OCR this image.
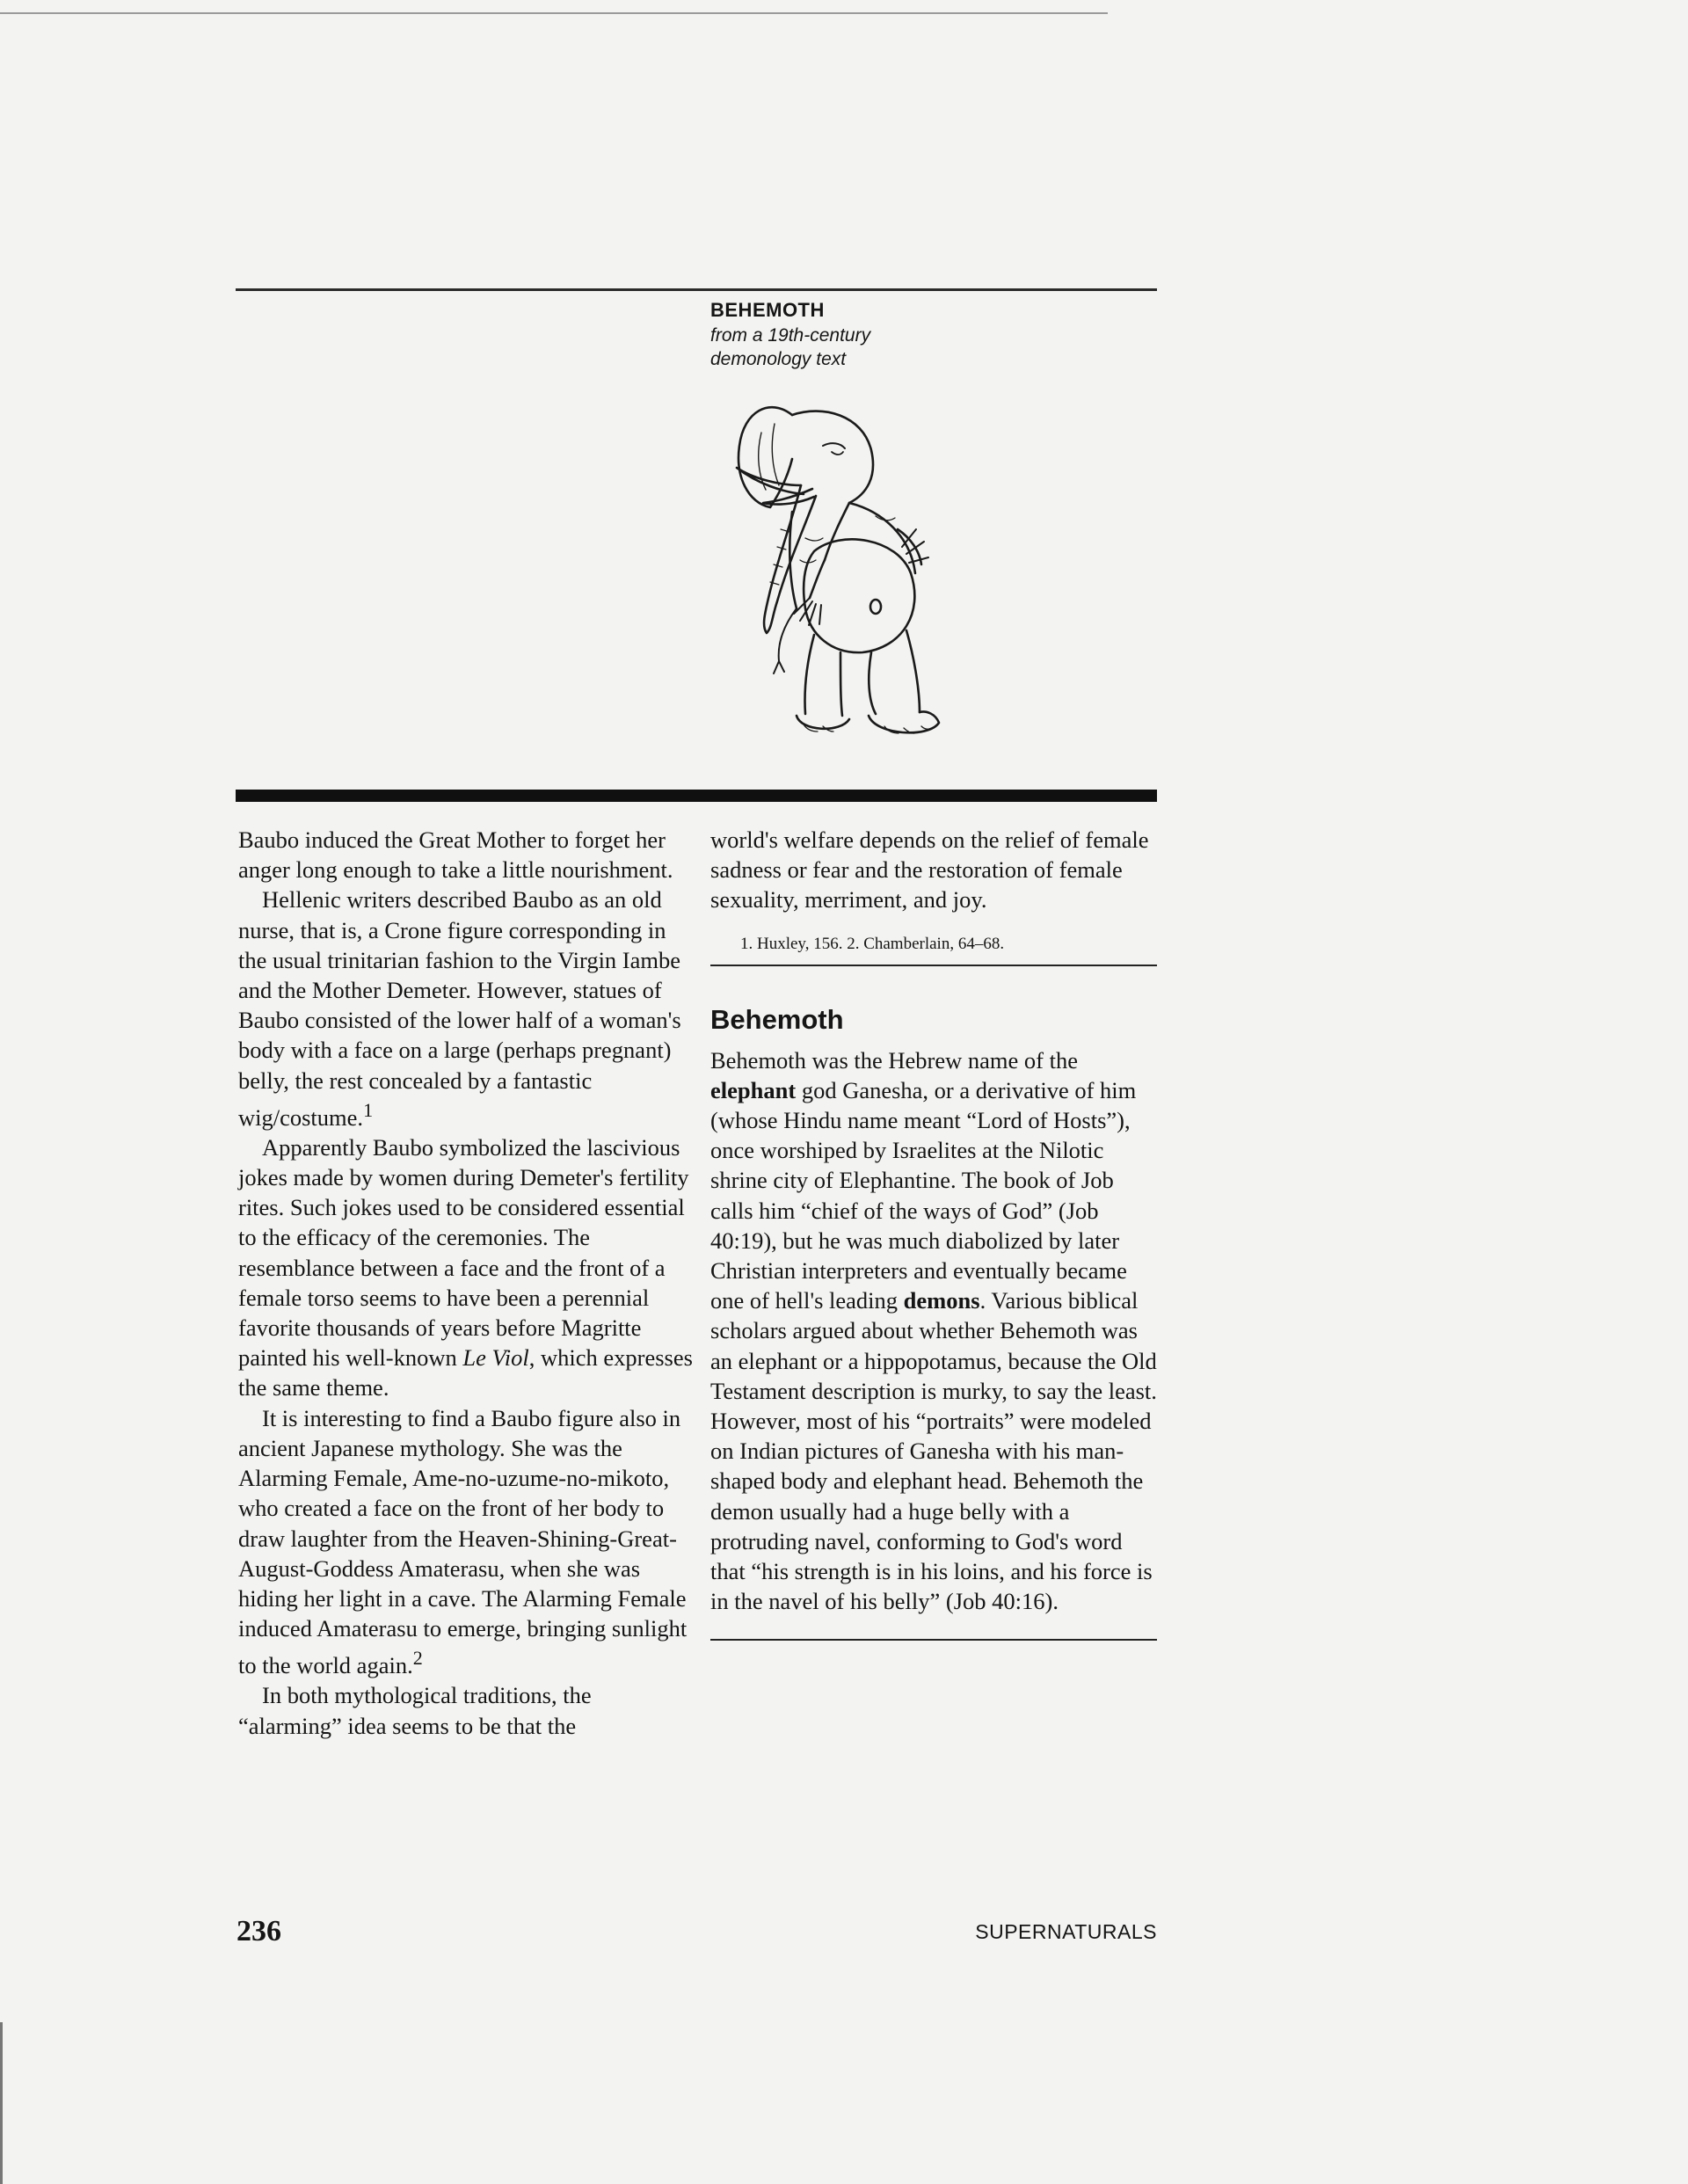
BEHEMOTH

from a 19th-century
demonology text

Baubo induced the Great Mother to forget her anger long enough to take a little nourishment.

Hellenic writers described Baubo as an old nurse, that is, a Crone figure corresponding in the usual trinitarian fashion to the Virgin Iambe and the Mother Demeter. However, statues of Baubo consisted of the lower half of a woman's body with a face on a large (perhaps pregnant) belly, the rest concealed by a fantastic wig/costume.$^1$

Apparently Baubo symbolized the lascivious jokes made by women during Demeter's fertility rites. Such jokes used to be considered essential to the efficacy of the ceremonies. The resemblance between a face and the front of a female torso seems to have been a perennial favorite thousands of years before Magritte painted his well-known Le Viol, which expresses the same theme.

It is interesting to find a Baubo figure also in ancient Japanese mythology. She was the Alarming Female, Ame-no-uzume-no-mikoto, who created a face on the front of her body to draw laughter from the Heaven-Shining-Great-August-Goddess Amaterasu, when she was hiding her light in a cave. The Alarming Female induced Amaterasu to emerge, bringing sunlight to the world again.$^2$

In both mythological traditions, the “alarming” idea seems to be that the

world's welfare depends on the relief of female sadness or fear and the restoration of female sexuality, merriment, and joy.

1. Huxley, 156. 2. Chamberlain, 64–68.

Behemoth

Behemoth was the Hebrew name of the elephant god Ganesha, or a derivative of him (whose Hindu name meant “Lord of Hosts”), once worshiped by Israelites at the Nilotic shrine city of Elephantine. The book of Job calls him “chief of the ways of God” (Job 40:19), but he was much diabolized by later Christian interpreters and eventually became one of hell's leading demons. Various biblical scholars argued about whether Behemoth was an elephant or a hippopotamus, because the Old Testament description is murky, to say the least. However, most of his “portraits” were modeled on Indian pictures of Ganesha with his man-shaped body and elephant head. Behemoth the demon usually had a huge belly with a protruding navel, conforming to God's word that “his strength is in his loins, and his force is in the navel of his belly” (Job 40:16).

236	SUPERNATURALS
